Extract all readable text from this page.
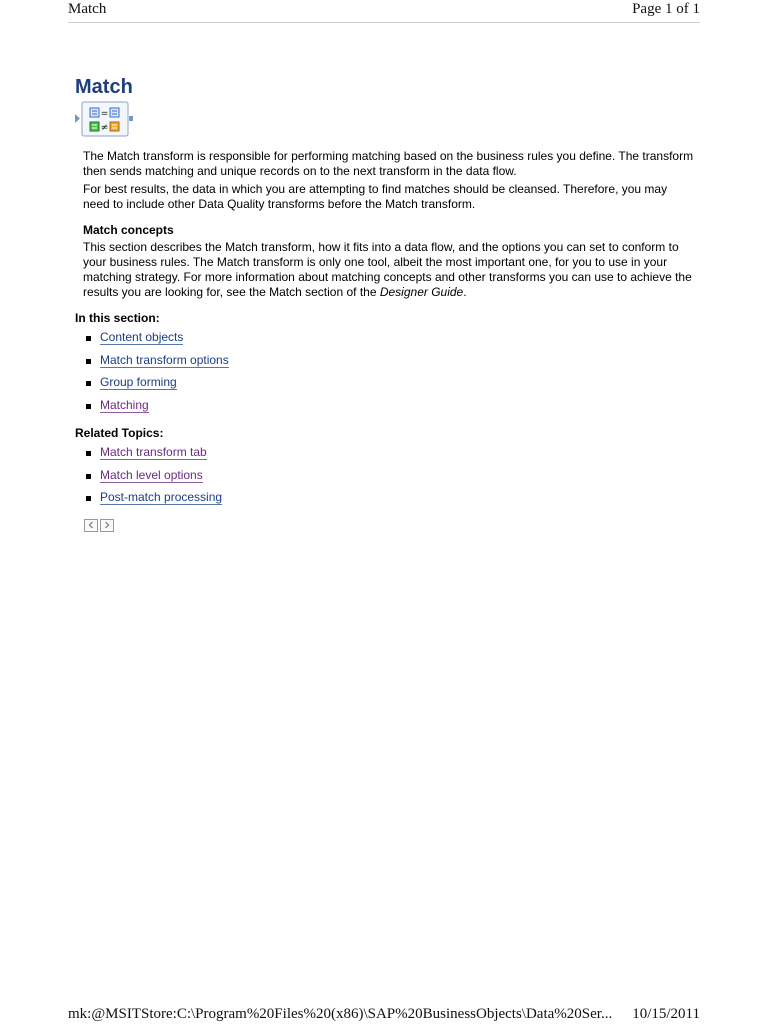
Match	Page 1 of 1
Match
=
≠

The Match transform is responsible for performing matching based on the business rules you define. The transform then sends matching and unique records on to the next transform in the data flow.

For best results, the data in which you are attempting to find matches should be cleansed. Therefore, you may need to include other Data Quality transforms before the Match transform.

Match concepts

This section describes the Match transform, how it fits into a data flow, and the options you can set to conform to your business rules. The Match transform is only one tool, albeit the most important one, for you to use in your matching strategy. For more information about matching concepts and other transforms you can use to achieve the results you are looking for, see the Match section of the Designer Guide.

In this section:
Content objects
Match transform options
Group forming
Matching
Related Topics:
Match transform tab
Match level options
Post-match processing
mk:@MSITStore:C:\Program%20Files%20(x86)\SAP%20BusinessObjects\Data%20Ser... 10/15/2011
